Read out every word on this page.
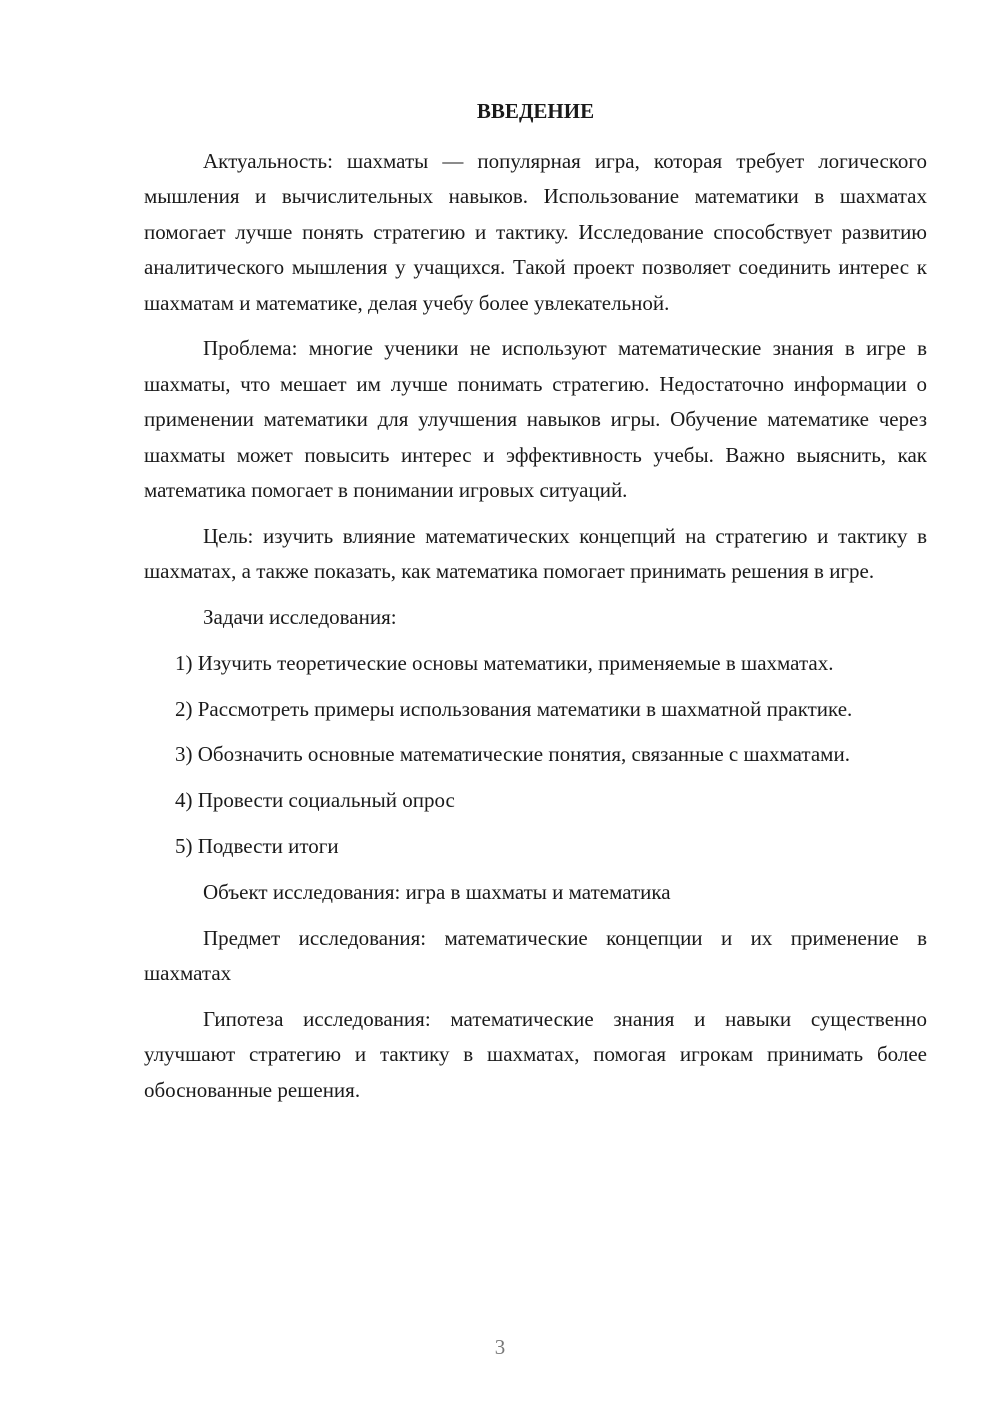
ВВЕДЕНИЕ

Актуальность: шахматы — популярная игра, которая требует логического мышления и вычислительных навыков. Использование математики в шахматах помогает лучше понять стратегию и тактику. Исследование способствует развитию аналитического мышления у учащихся. Такой проект позволяет соединить интерес к шахматам и математике, делая учебу более увлекательной.

Проблема: многие ученики не используют математические знания в игре в шахматы, что мешает им лучше понимать стратегию. Недостаточно информации о применении математики для улучшения навыков игры. Обучение математике через шахматы может повысить интерес и эффективность учебы. Важно выяснить, как математика помогает в понимании игровых ситуаций.

Цель: изучить влияние математических концепций на стратегию и тактику в шахматах, а также показать, как математика помогает принимать решения в игре.

Задачи исследования:

1) Изучить теоретические основы математики, применяемые в шахматах.

2) Рассмотреть примеры использования математики в шахматной практике.

3) Обозначить основные математические понятия, связанные с шахматами.

4) Провести социальный опрос

5) Подвести итоги

Объект исследования: игра в шахматы и математика

Предмет исследования: математические концепции и их применение в шахматах

Гипотеза исследования: математические знания и навыки существенно улучшают стратегию и тактику в шахматах, помогая игрокам принимать более обоснованные решения.

3
